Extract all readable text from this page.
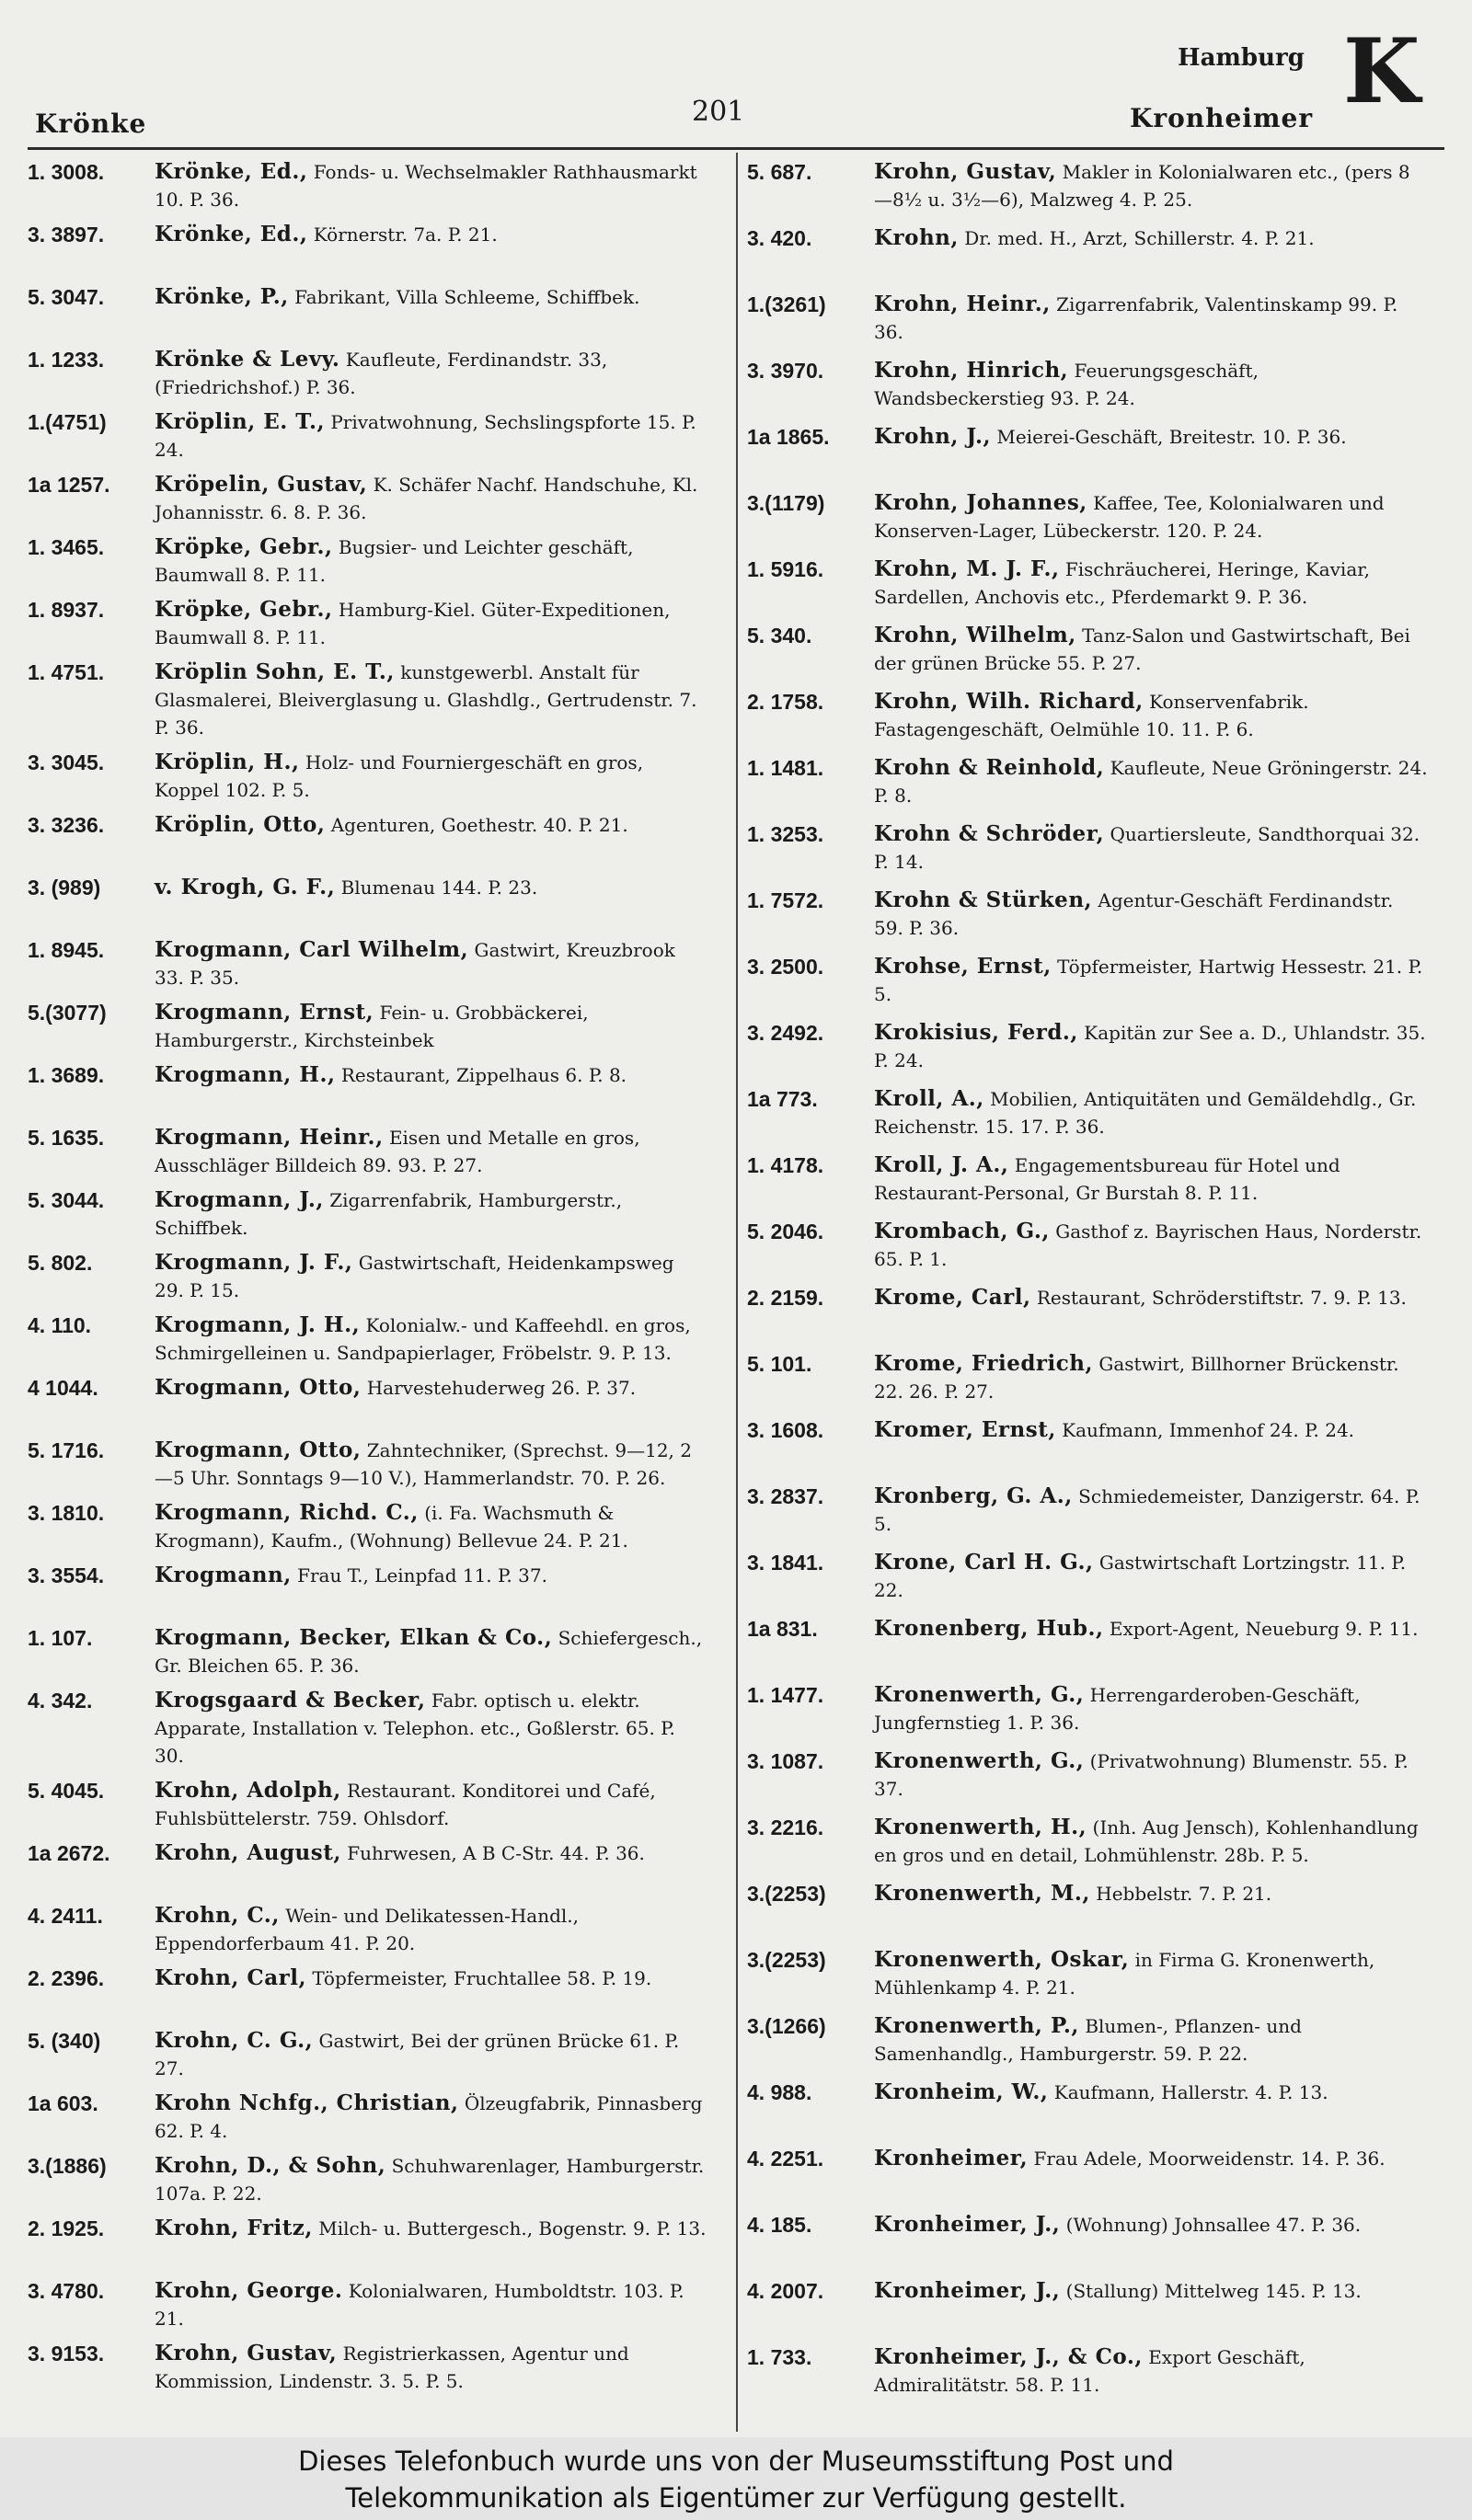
Krönke	201
Hamburg
Kronheimer K
1. 3008.	Krönke, Ed., Fonds- u. Wechselmakler Rathhausmarkt 10. P. 36.
3. 3897.	Krönke, Ed., Körnerstr. 7a. P. 21.
5. 3047.	Krönke, P., Fabrikant, Villa Schleeme, Schiffbek.
1. 1233.	Krönke & Levy. Kaufleute, Ferdinandstr. 33, (Friedrichshof.) P. 36.
1.(4751)	Kröplin, E. T., Privatwohnung, Sechslingspforte 15. P. 24.
1a 1257.	Kröpelin, Gustav, K. Schäfer Nachf. Handschuhe, Kl. Johannisstr. 6. 8. P. 36.
1. 3465.	Kröpke, Gebr., Bugsier- und Leichter geschäft, Baumwall 8. P. 11.
1. 8937.	Kröpke, Gebr., Hamburg-Kiel. Güter-Expeditionen, Baumwall 8. P. 11.
1. 4751.	Kröplin Sohn, E. T., kunstgewerbl. Anstalt für Glasmalerei, Bleiverglasung u. Glashdlg., Gertrudenstr. 7. P. 36.
3. 3045.	Kröplin, H., Holz- und Fourniergeschäft en gros, Koppel 102. P. 5.
3. 3236.	Kröplin, Otto, Agenturen, Goethestr. 40. P. 21.
3. (989)	v. Krogh, G. F., Blumenau 144. P. 23.
1. 8945.	Krogmann, Carl Wilhelm, Gastwirt, Kreuzbrook 33. P. 35.
5.(3077)	Krogmann, Ernst, Fein- u. Grobbäckerei, Hamburgerstr., Kirchsteinbek
1. 3689.	Krogmann, H., Restaurant, Zippelhaus 6. P. 8.
5. 1635.	Krogmann, Heinr., Eisen und Metalle en gros, Ausschläger Billdeich 89. 93. P. 27.
5. 3044.	Krogmann, J., Zigarrenfabrik, Hamburgerstr., Schiffbek.
5. 802.	Krogmann, J. F., Gastwirtschaft, Heidenkampsweg 29. P. 15.
4. 110.	Krogmann, J. H., Kolonialw.- und Kaffeehdl. en gros, Schmirgelleinen u. Sandpapierlager, Fröbelstr. 9. P. 13.
4 1044.	Krogmann, Otto, Harvestehuderweg 26. P. 37.
5. 1716.	Krogmann, Otto, Zahntechniker, (Sprechst. 9—12, 2—5 Uhr. Sonntags 9—10 V.), Hammerlandstr. 70. P. 26.
3. 1810.	Krogmann, Richd. C., (i. Fa. Wachsmuth & Krogmann), Kaufm., (Wohnung) Bellevue 24. P. 21.
3. 3554.	Krogmann, Frau T., Leinpfad 11. P. 37.
1. 107.	Krogmann, Becker, Elkan & Co., Schiefergesch., Gr. Bleichen 65. P. 36.
4. 342.	Krogsgaard & Becker, Fabr. optisch u. elektr. Apparate, Installation v. Telephon. etc., Goßlerstr. 65. P. 30.
5. 4045.	Krohn, Adolph, Restaurant. Konditorei und Café, Fuhlsbüttelerstr. 759. Ohlsdorf.
1a 2672.	Krohn, August, Fuhrwesen, A B C-Str. 44. P. 36.
4. 2411.	Krohn, C., Wein- und Delikatessen-Handl., Eppendorferbaum 41. P. 20.
2. 2396.	Krohn, Carl, Töpfermeister, Fruchtallee 58. P. 19.
5. (340)	Krohn, C. G., Gastwirt, Bei der grünen Brücke 61. P. 27.
1a 603.	Krohn Nchfg., Christian, Ölzeugfabrik, Pinnasberg 62. P. 4.
3.(1886)	Krohn, D., & Sohn, Schuhwarenlager, Hamburgerstr. 107a. P. 22.
2. 1925.	Krohn, Fritz, Milch- u. Buttergesch., Bogenstr. 9. P. 13.
3. 4780.	Krohn, George. Kolonialwaren, Humboldtstr. 103. P. 21.
3. 9153.	Krohn, Gustav, Registrierkassen, Agentur und Kommission, Lindenstr. 3. 5. P. 5.
5. 687.	Krohn, Gustav, Makler in Kolonialwaren etc., (pers 8—8½ u. 3½—6), Malzweg 4. P. 25.
3. 420.	Krohn, Dr. med. H., Arzt, Schillerstr. 4. P. 21.
1.(3261)	Krohn, Heinr., Zigarrenfabrik, Valentinskamp 99. P. 36.
3. 3970.	Krohn, Hinrich, Feuerungsgeschäft, Wandsbeckerstieg 93. P. 24.
1a 1865.	Krohn, J., Meierei-Geschäft, Breitestr. 10. P. 36.
3.(1179)	Krohn, Johannes, Kaffee, Tee, Kolonialwaren und Konserven-Lager, Lübeckerstr. 120. P. 24.
1. 5916.	Krohn, M. J. F., Fischräucherei, Heringe, Kaviar, Sardellen, Anchovis etc., Pferdemarkt 9. P. 36.
5. 340.	Krohn, Wilhelm, Tanz-Salon und Gastwirtschaft, Bei der grünen Brücke 55. P. 27.
2. 1758.	Krohn, Wilh. Richard, Konservenfabrik. Fastagengeschäft, Oelmühle 10. 11. P. 6.
1. 1481.	Krohn & Reinhold, Kaufleute, Neue Gröningerstr. 24. P. 8.
1. 3253.	Krohn & Schröder, Quartiersleute, Sandthorquai 32. P. 14.
1. 7572.	Krohn & Stürken, Agentur-Geschäft Ferdinandstr. 59. P. 36.
3. 2500.	Krohse, Ernst, Töpfermeister, Hartwig Hessestr. 21. P. 5.
3. 2492.	Krokisius, Ferd., Kapitän zur See a. D., Uhlandstr. 35. P. 24.
1a 773.	Kroll, A., Mobilien, Antiquitäten und Gemäldehdlg., Gr. Reichenstr. 15. 17. P. 36.
1. 4178.	Kroll, J. A., Engagementsbureau für Hotel und Restaurant-Personal, Gr Burstah 8. P. 11.
5. 2046.	Krombach, G., Gasthof z. Bayrischen Haus, Norderstr. 65. P. 1.
2. 2159.	Krome, Carl, Restaurant, Schröderstiftstr. 7. 9. P. 13.
5. 101.	Krome, Friedrich, Gastwirt, Billhorner Brückenstr. 22. 26. P. 27.
3. 1608.	Kromer, Ernst, Kaufmann, Immenhof 24. P. 24.
3. 2837.	Kronberg, G. A., Schmiedemeister, Danzigerstr. 64. P. 5.
3. 1841.	Krone, Carl H. G., Gastwirtschaft Lortzingstr. 11. P. 22.
1a 831.	Kronenberg, Hub., Export-Agent, Neueburg 9. P. 11.
1. 1477.	Kronenwerth, G., Herrengarderoben-Geschäft, Jungfernstieg 1. P. 36.
3. 1087.	Kronenwerth, G., (Privatwohnung) Blumenstr. 55. P. 37.
3. 2216.	Kronenwerth, H., (Inh. Aug Jensch), Kohlenhandlung en gros und en detail, Lohmühlenstr. 28b. P. 5.
3.(2253)	Kronenwerth, M., Hebbelstr. 7. P. 21.
3.(2253)	Kronenwerth, Oskar, in Firma G. Kronenwerth, Mühlenkamp 4. P. 21.
3.(1266)	Kronenwerth, P., Blumen-, Pflanzen- und Samenhandlg., Hamburgerstr. 59. P. 22.
4. 988.	Kronheim, W., Kaufmann, Hallerstr. 4. P. 13.
4. 2251.	Kronheimer, Frau Adele, Moorweidenstr. 14. P. 36.
4. 185.	Kronheimer, J., (Wohnung) Johnsallee 47. P. 36.
4. 2007.	Kronheimer, J., (Stallung) Mittelweg 145. P. 13.
1. 733.	Kronheimer, J., & Co., Export Geschäft, Admiralitätstr. 58. P. 11.
Dieses Telefonbuch wurde uns von der Museumsstiftung Post und
Telekommunikation als Eigentümer zur Verfügung gestellt.
